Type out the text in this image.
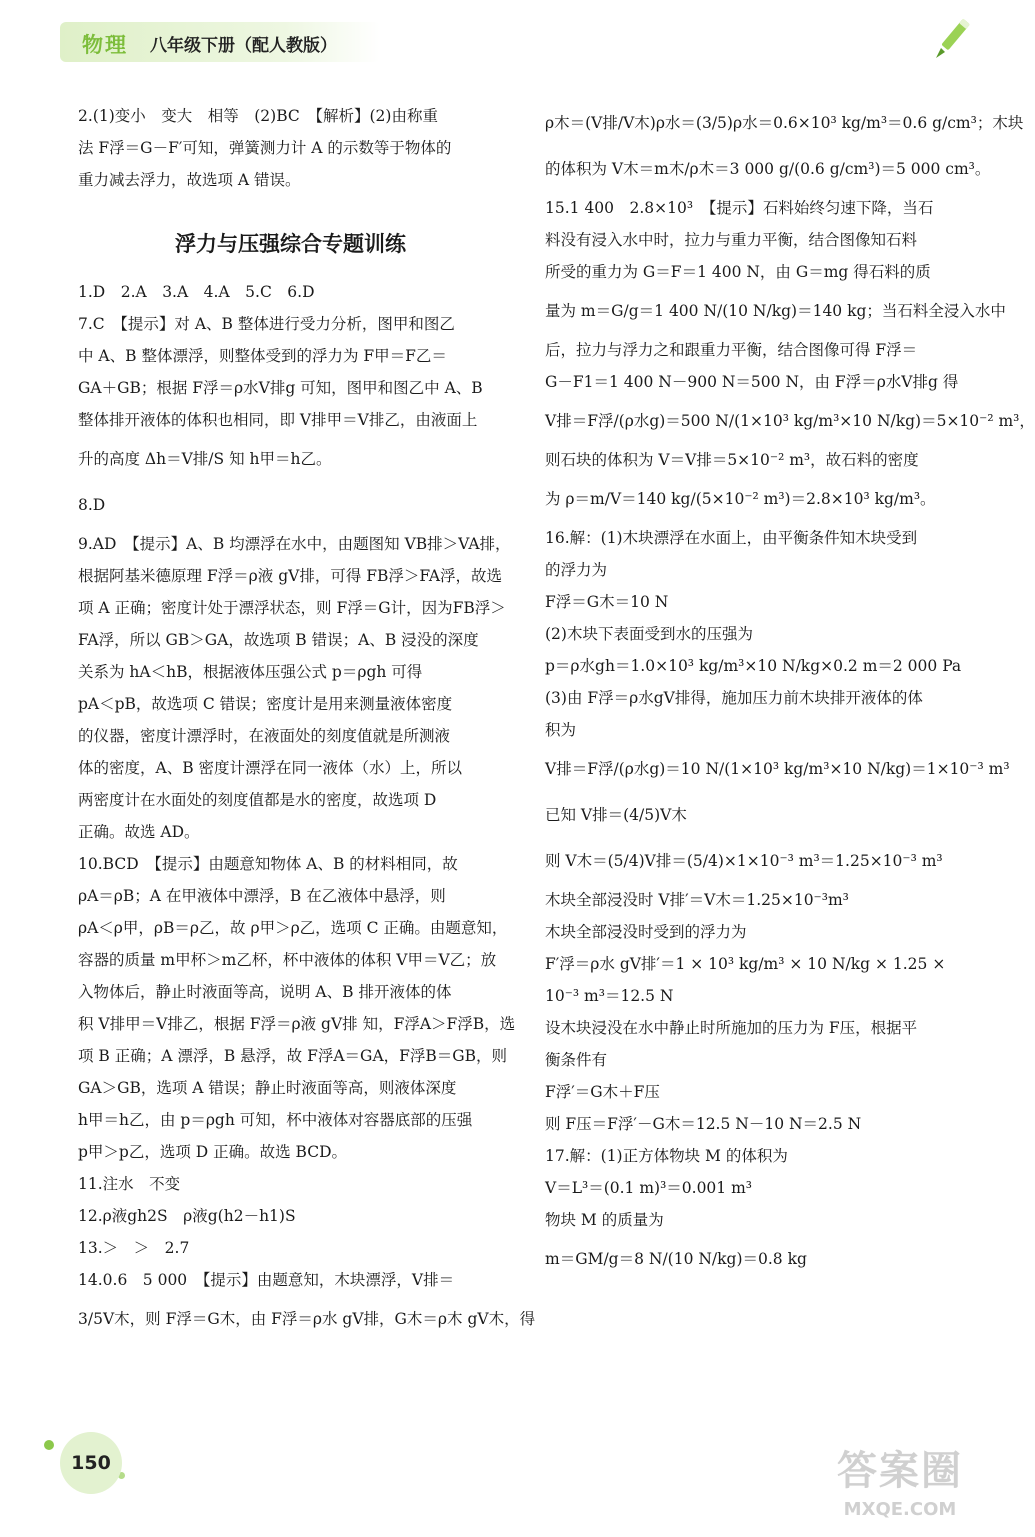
物理 八年级下册（配人教版）
2.(1)变小　变大　相等　(2)BC　【解析】(2)由称重
法 F浮＝G－F′可知，弹簧测力计 A 的示数等于物体的
重力减去浮力，故选项 A 错误。
浮力与压强综合专题训练
1.D　2.A　3.A　4.A　5.C　6.D
7.C　【提示】对 A、B 整体进行受力分析，图甲和图乙
中 A、B 整体漂浮，则整体受到的浮力为 F甲＝F乙＝
GA＋GB；根据 F浮＝ρ水V排g 可知，图甲和图乙中 A、B
整体排开液体的体积也相同，即 V排甲＝V排乙，由液面上
升的高度 Δh＝V排/S 知 h甲＝h乙。
8.D
9.AD　【提示】A、B 均漂浮在水中，由题图知 VB排＞VA排，
根据阿基米德原理 F浮＝ρ液 gV排，可得 FB浮＞FA浮，故选
项 A 正确；密度计处于漂浮状态，则 F浮＝G计，因为FB浮＞
FA浮，所以 GB＞GA，故选项 B 错误；A、B 浸没的深度
关系为 hA＜hB，根据液体压强公式 p＝ρgh 可得
pA＜pB，故选项 C 错误；密度计是用来测量液体密度
的仪器，密度计漂浮时，在液面处的刻度值就是所测液
体的密度，A、B 密度计漂浮在同一液体（水）上，所以
两密度计在水面处的刻度值都是水的密度，故选项 D
正确。故选 AD。
10.BCD　【提示】由题意知物体 A、B 的材料相同，故
ρA＝ρB；A 在甲液体中漂浮，B 在乙液体中悬浮，则
ρA＜ρ甲，ρB＝ρ乙，故 ρ甲＞ρ乙，选项 C 正确。由题意知，
容器的质量 m甲杯＞m乙杯，杯中液体的体积 V甲＝V乙；放
入物体后，静止时液面等高，说明 A、B 排开液体的体
积 V排甲＝V排乙，根据 F浮＝ρ液 gV排 知，F浮A＞F浮B，选
项 B 正确；A 漂浮，B 悬浮，故 F浮A＝GA，F浮B＝GB，则
GA＞GB，选项 A 错误；静止时液面等高，则液体深度
h甲＝h乙，由 p＝ρgh 可知，杯中液体对容器底部的压强
p甲＞p乙，选项 D 正确。故选 BCD。
11.注水　不变
12.ρ液gh2S　ρ液g(h2－h1)S
13.＞　＞　2.7
14.0.6　5 000　【提示】由题意知，木块漂浮，V排＝
3/5V木，则 F浮＝G木，由 F浮＝ρ水 gV排，G木＝ρ木 gV木，得
ρ木＝(V排/V木)ρ水＝(3/5)ρ水＝0.6×10³ kg/m³＝0.6 g/cm³；木块
的体积为 V木＝m木/ρ木＝3 000 g/(0.6 g/cm³)＝5 000 cm³。
15.1 400　2.8×10³　【提示】石料始终匀速下降，当石
料没有浸入水中时，拉力与重力平衡，结合图像知石料
所受的重力为 G＝F＝1 400 N，由 G＝mg 得石料的质
量为 m＝G/g＝1 400 N/(10 N/kg)＝140 kg；当石料全浸入水中
后，拉力与浮力之和跟重力平衡，结合图像可得 F浮＝
G－F1＝1 400 N－900 N＝500 N，由 F浮＝ρ水V排g 得
V排＝F浮/(ρ水g)＝500 N/(1×10³ kg/m³×10 N/kg)＝5×10⁻² m³，
则石块的体积为 V＝V排＝5×10⁻² m³，故石料的密度
为 ρ＝m/V＝140 kg/(5×10⁻² m³)＝2.8×10³ kg/m³。
16.解：(1)木块漂浮在水面上，由平衡条件知木块受到
的浮力为
F浮＝G木＝10 N
(2)木块下表面受到水的压强为
p＝ρ水gh＝1.0×10³ kg/m³×10 N/kg×0.2 m＝2 000 Pa
(3)由 F浮＝ρ水gV排得，施加压力前木块排开液体的体
积为
V排＝F浮/(ρ水g)＝10 N/(1×10³ kg/m³×10 N/kg)＝1×10⁻³ m³
已知 V排＝(4/5)V木
则 V木＝(5/4)V排＝(5/4)×1×10⁻³ m³＝1.25×10⁻³ m³
木块全部浸没时 V排′＝V木＝1.25×10⁻³m³
木块全部浸没时受到的浮力为
F′浮＝ρ水 gV排′＝1 × 10³ kg/m³ × 10 N/kg × 1.25 ×
10⁻³ m³＝12.5 N
设木块浸没在水中静止时所施加的压力为 F压，根据平
衡条件有
F浮′＝G木＋F压
则 F压＝F浮′－G木＝12.5 N－10 N＝2.5 N
17.解：(1)正方体物块 M 的体积为
V＝L³＝(0.1 m)³＝0.001 m³
物块 M 的质量为
m＝GM/g＝8 N/(10 N/kg)＝0.8 kg
150	答案圈
MXQE.COM
